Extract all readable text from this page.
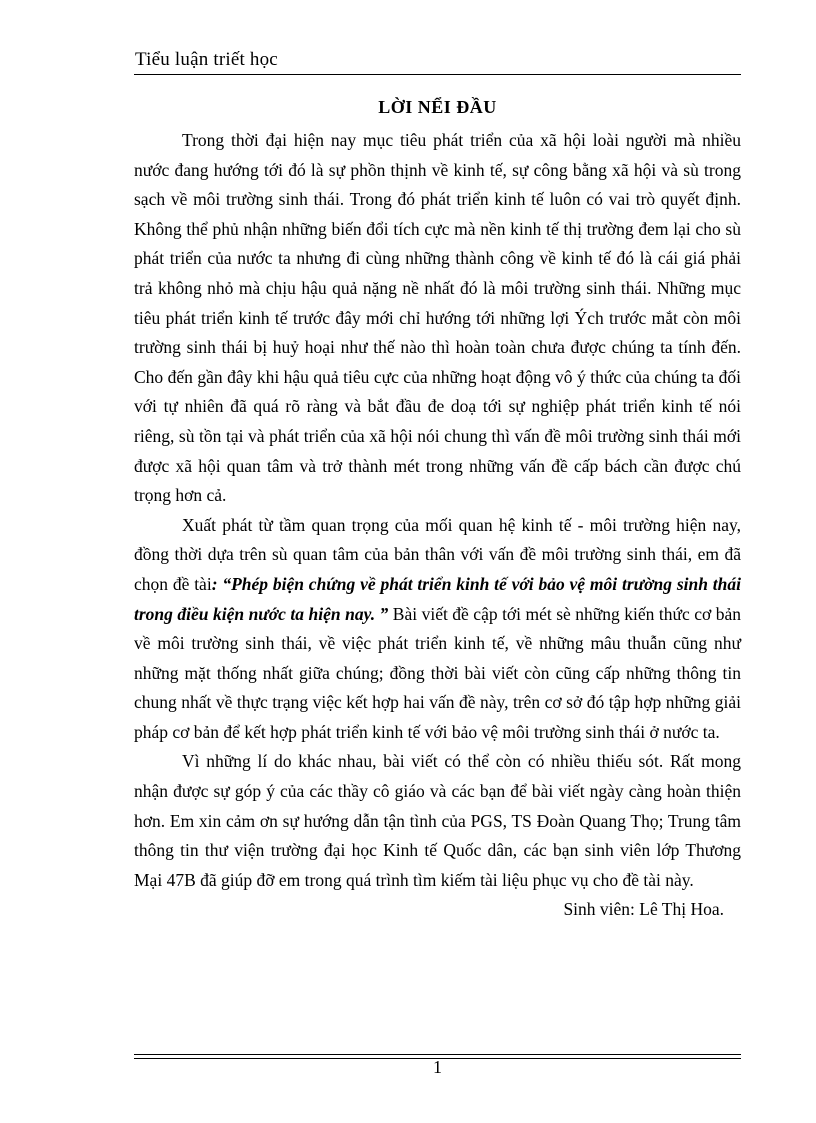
Tiểu luận triết học
LỜI NỂI ĐẦU

Trong thời đại hiện nay mục tiêu phát triển của xã hội loài người mà nhiều nước đang hướng tới đó là sự phồn thịnh về kinh tế, sự công bằng xã hội và sù trong sạch về môi trường sinh thái. Trong đó phát triển kinh tế luôn có vai trò quyết định. Không thể phủ nhận những biến đổi tích cực mà nền kinh tế thị trường đem lại cho sù phát triển của nước ta nhưng đi cùng những thành công về kinh tế đó là cái giá phải trả không nhỏ mà chịu hậu quả nặng nề nhất đó là môi trường sinh thái. Những mục tiêu phát triển kinh tế trước đây mới chỉ hướng tới những lợi Ých trước mắt còn môi trường sinh thái bị huỷ hoại như thế nào thì hoàn toàn chưa được chúng ta tính đến. Cho đến gần đây khi hậu quả tiêu cực của những hoạt động vô ý thức của chúng ta đối với tự nhiên đã quá rõ ràng và bắt đầu đe doạ tới sự nghiệp phát triển kinh tế nói riêng, sù tồn tại và phát triển của xã hội nói chung thì vấn đề môi trường sinh thái mới được xã hội quan tâm và trở thành mét trong những vấn đề cấp bách cần được chú trọng hơn cả.

Xuất phát từ tầm quan trọng của mối quan hệ kinh tế - môi trường hiện nay, đồng thời dựa trên sù quan tâm của bản thân với vấn đề môi trường sinh thái, em đã chọn đề tài: “Phép biện chứng về phát triển kinh tế với bảo vệ môi trường sinh thái trong điều kiện nước ta hiện nay. ” Bài viết đề cập tới mét sè những kiến thức cơ bản về môi trường sinh thái, về việc phát triển kinh tế, về những mâu thuẫn cũng như những mặt thống nhất giữa chúng; đồng thời bài viết còn cũng cấp những thông tin chung nhất về thực trạng việc kết hợp hai vấn đề này, trên cơ sở đó tập hợp những giải pháp cơ bản để kết hợp phát triển kinh tế với bảo vệ môi trường sinh thái ở nước ta.

Vì những lí do khác nhau, bài viết có thể còn có nhiều thiếu sót. Rất mong nhận được sự góp ý của các thầy cô giáo và các bạn để bài viết ngày càng hoàn thiện hơn. Em xin cảm ơn sự hướng dẫn tận tình của PGS, TS Đoàn Quang Thọ; Trung tâm thông tin thư viện trường đại học Kinh tế Quốc dân, các bạn sinh viên lớp Thương Mại 47B đã giúp đỡ em trong quá trình tìm kiếm tài liệu phục vụ cho đề tài này.

Sinh viên: Lê Thị Hoa.

1
